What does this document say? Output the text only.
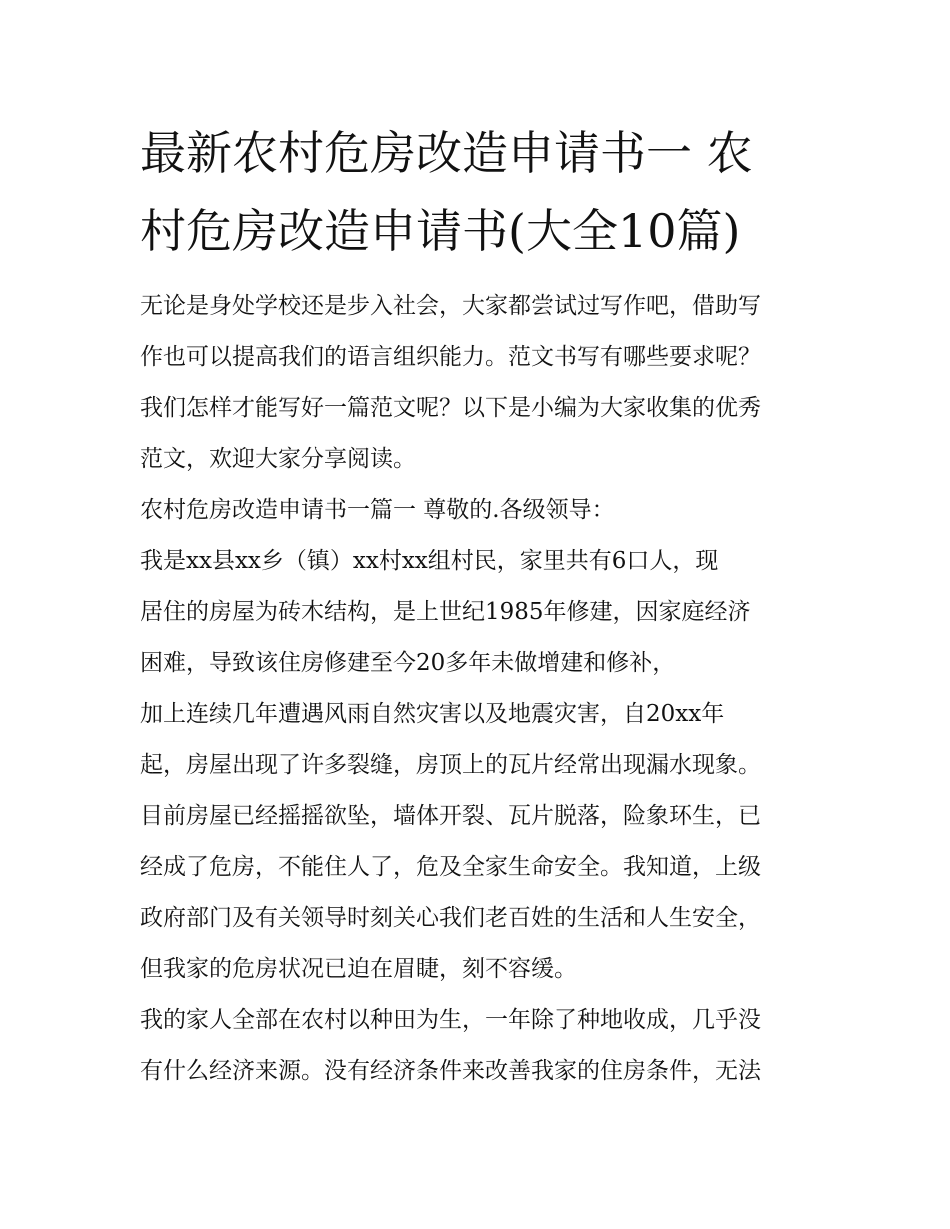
最新农村危房改造申请书一 农
村危房改造申请书(大全10篇)
无论是身处学校还是步入社会，大家都尝试过写作吧，借助写
作也可以提高我们的语言组织能力。范文书写有哪些要求呢？
我们怎样才能写好一篇范文呢？以下是小编为大家收集的优秀
范文，欢迎大家分享阅读。
农村危房改造申请书一篇一 尊敬的.各级领导：
我是xx县xx乡（镇）xx村xx组村民，家里共有6口人，现
居住的房屋为砖木结构，是上世纪1985年修建，因家庭经济
困难，导致该住房修建至今20多年未做增建和修补，
加上连续几年遭遇风雨自然灾害以及地震灾害，自20xx年
起，房屋出现了许多裂缝，房顶上的瓦片经常出现漏水现象。
目前房屋已经摇摇欲坠，墙体开裂、瓦片脱落，险象环生，已
经成了危房，不能住人了，危及全家生命安全。我知道，上级
政府部门及有关领导时刻关心我们老百姓的生活和人生安全，
但我家的危房状况已迫在眉睫，刻不容缓。
我的家人全部在农村以种田为生，一年除了种地收成，几乎没
有什么经济来源。没有经济条件来改善我家的住房条件，无法
